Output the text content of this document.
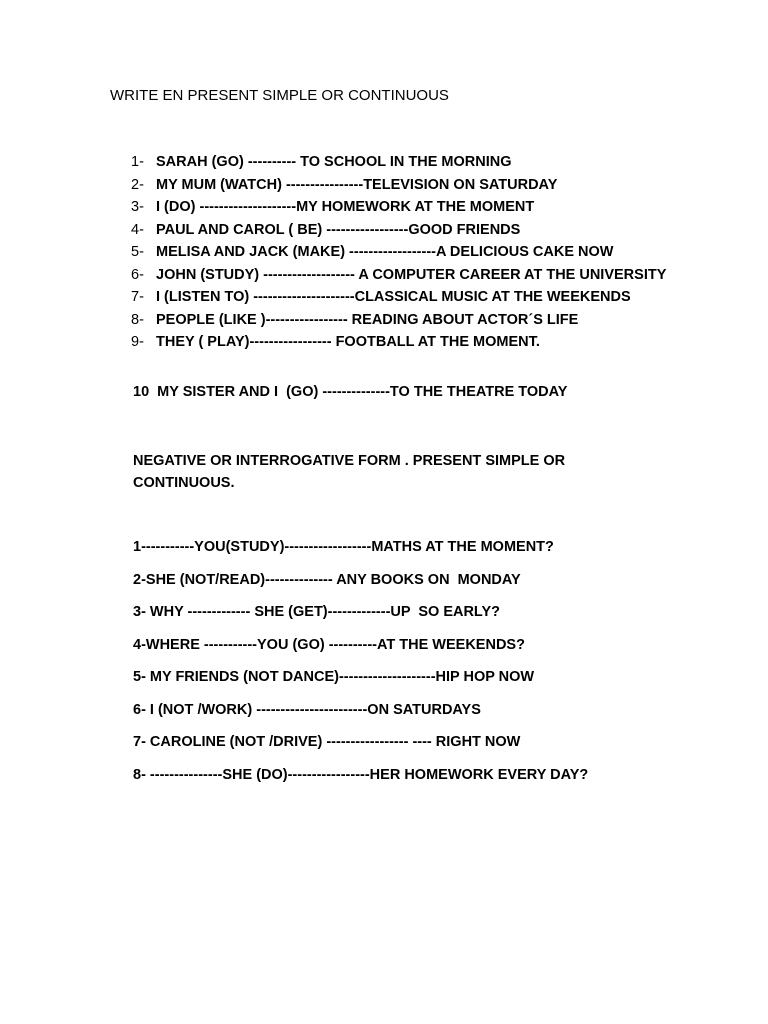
WRITE EN PRESENT SIMPLE OR CONTINUOUS
1- SARAH (GO) ---------- TO SCHOOL IN THE MORNING
2- MY MUM (WATCH) ----------------TELEVISION ON SATURDAY
3- I (DO) --------------------MY HOMEWORK AT THE MOMENT
4- PAUL AND CAROL ( BE) -----------------GOOD FRIENDS
5- MELISA AND JACK (MAKE) ------------------A DELICIOUS CAKE NOW
6- JOHN (STUDY) ------------------- A COMPUTER CAREER AT THE UNIVERSITY
7- I (LISTEN TO) ---------------------CLASSICAL MUSIC AT THE WEEKENDS
8- PEOPLE (LIKE )----------------- READING ABOUT ACTOR´S LIFE
9- THEY ( PLAY)----------------- FOOTBALL AT THE MOMENT.
10  MY SISTER AND I  (GO) --------------TO THE THEATRE TODAY
NEGATIVE OR INTERROGATIVE FORM . PRESENT SIMPLE OR CONTINUOUS.
1-----------YOU(STUDY)------------------MATHS AT THE MOMENT?
2-SHE (NOT/READ)-------------- ANY BOOKS ON  MONDAY
3- WHY ------------- SHE (GET)-------------UP  SO EARLY?
4-WHERE -----------YOU (GO) ----------AT THE WEEKENDS?
5- MY FRIENDS (NOT DANCE)--------------------HIP HOP NOW
6- I (NOT /WORK) -----------------------ON SATURDAYS
7- CAROLINE (NOT /DRIVE) ----------------- ---- RIGHT NOW
8- ---------------SHE (DO)-----------------HER HOMEWORK EVERY DAY?
